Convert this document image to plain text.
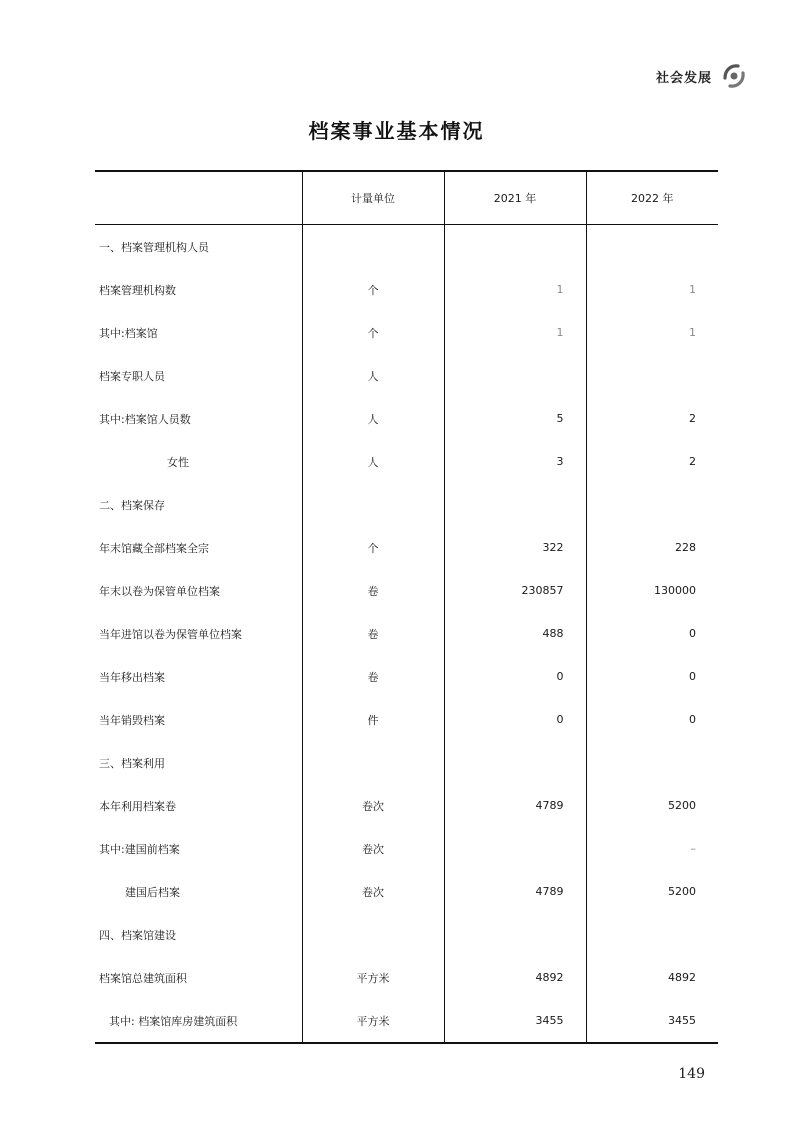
社会发展
档案事业基本情况
	计量单位	2021 年	2022 年
一、档案管理机构人员			
档案管理机构数	个	1	1
其中:档案馆	个	1	1
档案专职人员	人		
其中:档案馆人员数	人	5	2
女性	人	3	2
二、档案保存			
年末馆藏全部档案全宗	个	322	228
年末以卷为保管单位档案	卷	230857	130000
当年进馆以卷为保管单位档案	卷	488	0
当年移出档案	卷	0	0
当年销毁档案	件	0	0
三、档案利用			
本年利用档案卷	卷次	4789	5200
其中:建国前档案	卷次		–
建国后档案	卷次	4789	5200
四、档案馆建设			
档案馆总建筑面积	平方米	4892	4892
其中: 档案馆库房建筑面积	平方米	3455	3455
149
